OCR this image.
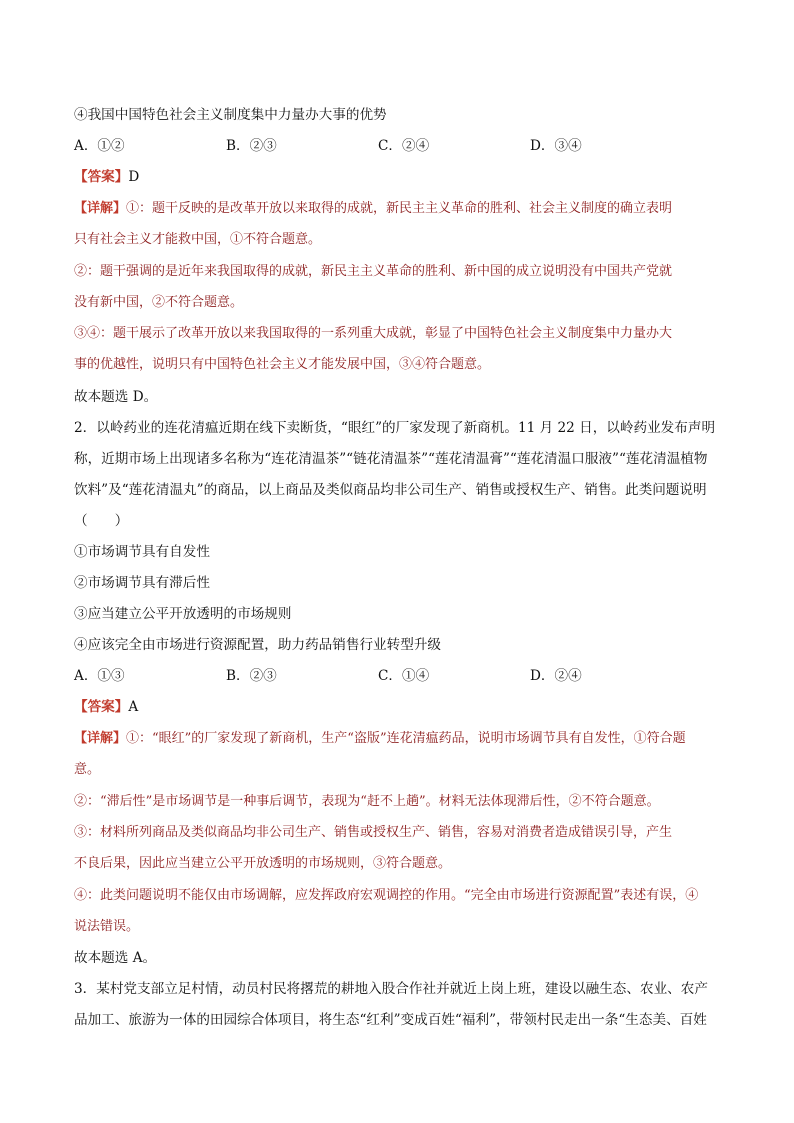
④我国中国特色社会主义制度集中力量办大事的优势
A．①②	B．②③	C．②④	D．③④
【答案】D
【详解】①：题干反映的是改革开放以来取得的成就，新民主主义革命的胜利、社会主义制度的确立表明
只有社会主义才能救中国，①不符合题意。
②：题干强调的是近年来我国取得的成就，新民主主义革命的胜利、新中国的成立说明没有中国共产党就
没有新中国，②不符合题意。
③④：题干展示了改革开放以来我国取得的一系列重大成就，彰显了中国特色社会主义制度集中力量办大
事的优越性，说明只有中国特色社会主义才能发展中国，③④符合题意。
故本题选 D。
2．以岭药业的连花清瘟近期在线下卖断货，“眼红”的厂家发现了新商机。11 月 22 日，以岭药业发布声明
称，近期市场上出现诸多名称为“连花清温茶”“链花清温茶”“莲花清温膏”“莲花清温口服液”“莲花清温植物
饮料”及“莲花清温丸”的商品，以上商品及类似商品均非公司生产、销售或授权生产、销售。此类问题说明
（　　）
①市场调节具有自发性
②市场调节具有滞后性
③应当建立公平开放透明的市场规则
④应该完全由市场进行资源配置，助力药品销售行业转型升级
A．①③	B．②③	C．①④	D．②④
【答案】A
【详解】①：“眼红”的厂家发现了新商机，生产“盗版”连花清瘟药品，说明市场调节具有自发性，①符合题
意。
②：“滞后性”是市场调节是一种事后调节，表现为“赶不上趟”。材料无法体现滞后性，②不符合题意。
③：材料所列商品及类似商品均非公司生产、销售或授权生产、销售，容易对消费者造成错误引导，产生
不良后果，因此应当建立公平开放透明的市场规则，③符合题意。
④：此类问题说明不能仅由市场调解，应发挥政府宏观调控的作用。“完全由市场进行资源配置”表述有误，④
说法错误。
故本题选 A。
3．某村党支部立足村情，动员村民将撂荒的耕地入股合作社并就近上岗上班，建设以融生态、农业、农产
品加工、旅游为一体的田园综合体项目，将生态“红利”变成百姓“福利”，带领村民走出一条“生态美、百姓
